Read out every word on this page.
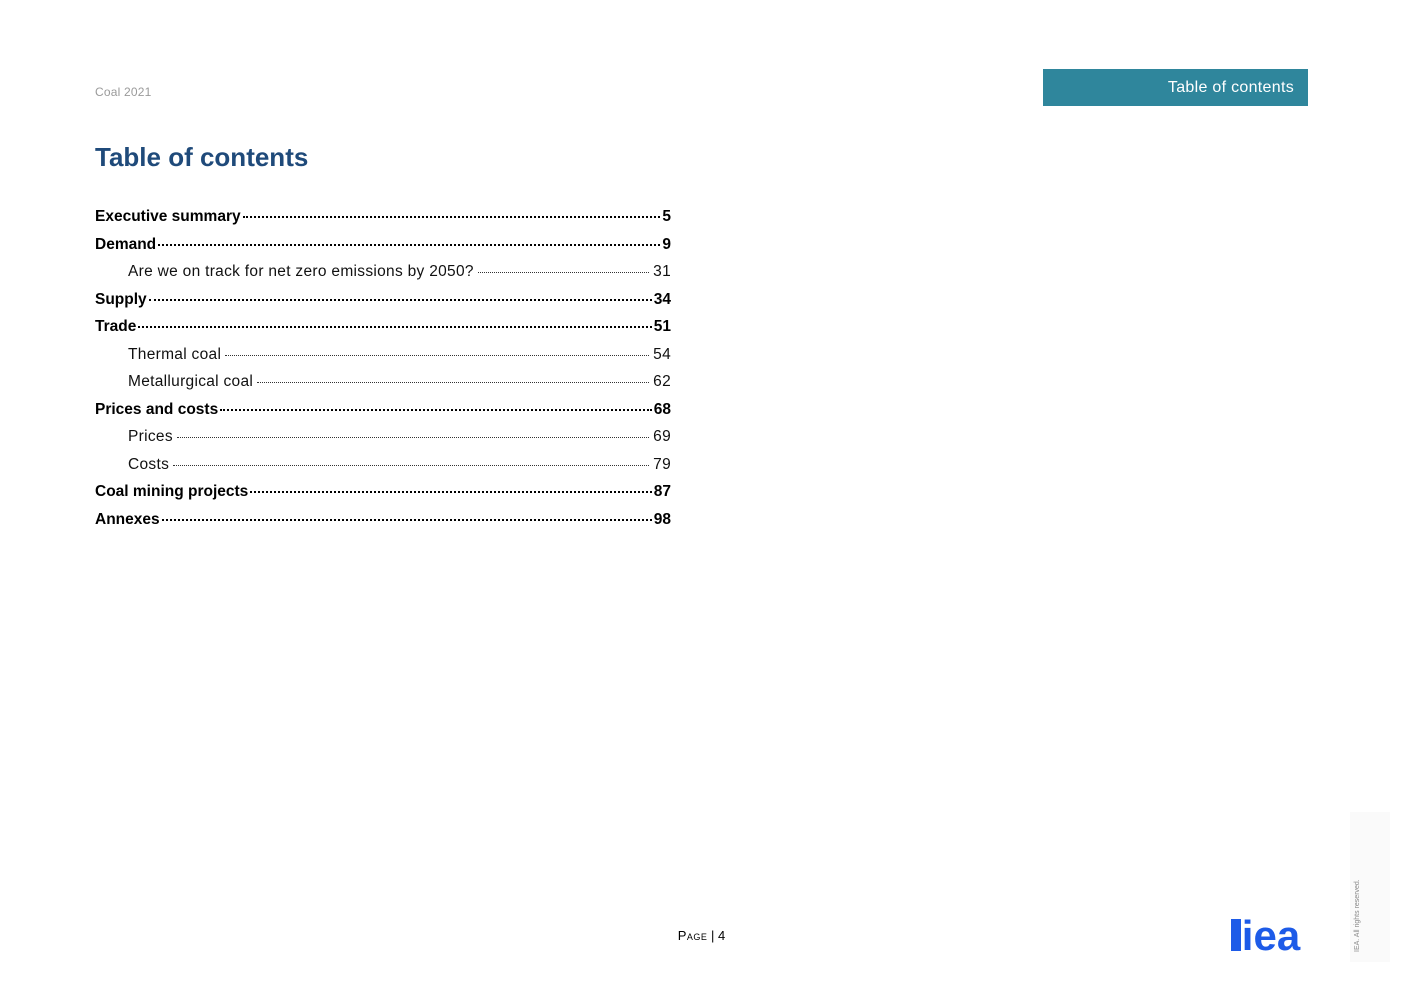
Coal 2021	Table of contents
Table of contents
Executive summary	5
Demand	9
Are we on track for net zero emissions by 2050?	31
Supply	34
Trade	51
Thermal coal	54
Metallurgical coal	62
Prices and costs	68
Prices	69
Costs	79
Coal mining projects	87
Annexes	98
Page | 4	iea	IEA. All rights reserved.
